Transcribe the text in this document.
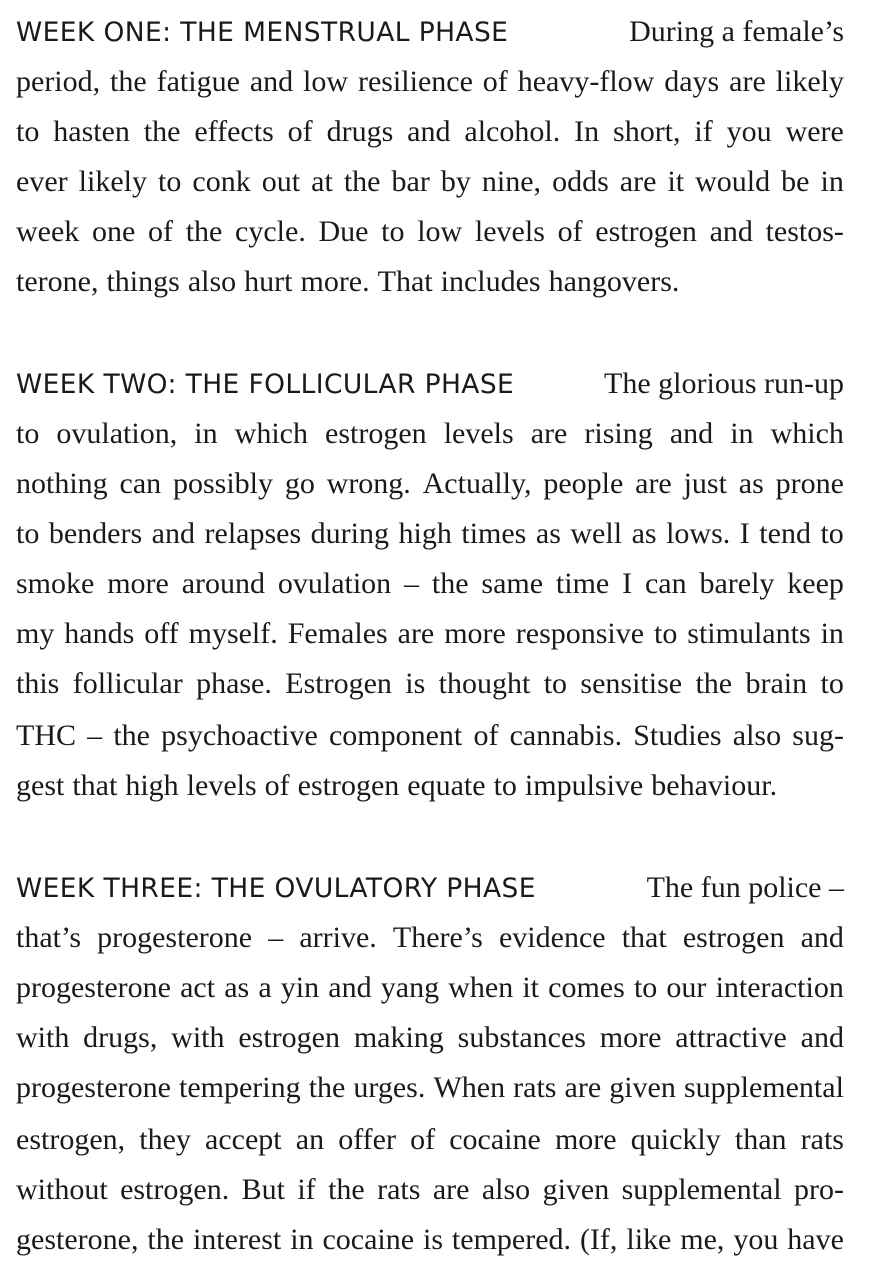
WEEK ONE: THE MENSTRUAL PHASE	During a female’s
period, the fatigue and low resilience of heavy-flow days are likely
to hasten the effects of drugs and alcohol. In short, if you were
ever likely to conk out at the bar by nine, odds are it would be in
week one of the cycle. Due to low levels of estrogen and testos-
terone, things also hurt more. That includes hangovers.
WEEK TWO: THE FOLLICULAR PHASE	The glorious run-up
to ovulation, in which estrogen levels are rising and in which
nothing can possibly go wrong. Actually, people are just as prone
to benders and relapses during high times as well as lows. I tend to
smoke more around ovulation – the same time I can barely keep
my hands off myself. Females are more responsive to stimulants in
this follicular phase. Estrogen is thought to sensitise the brain to
THC – the psychoactive component of cannabis. Studies also sug-
gest that high levels of estrogen equate to impulsive behaviour.
WEEK THREE: THE OVULATORY PHASE	The fun police –
that’s progesterone – arrive. There’s evidence that estrogen and
progesterone act as a yin and yang when it comes to our interaction
with drugs, with estrogen making substances more attractive and
progesterone tempering the urges. When rats are given supplemental
estrogen, they accept an offer of cocaine more quickly than rats
without estrogen. But if the rats are also given supplemental pro-
gesterone, the interest in cocaine is tempered. (If, like me, you have
